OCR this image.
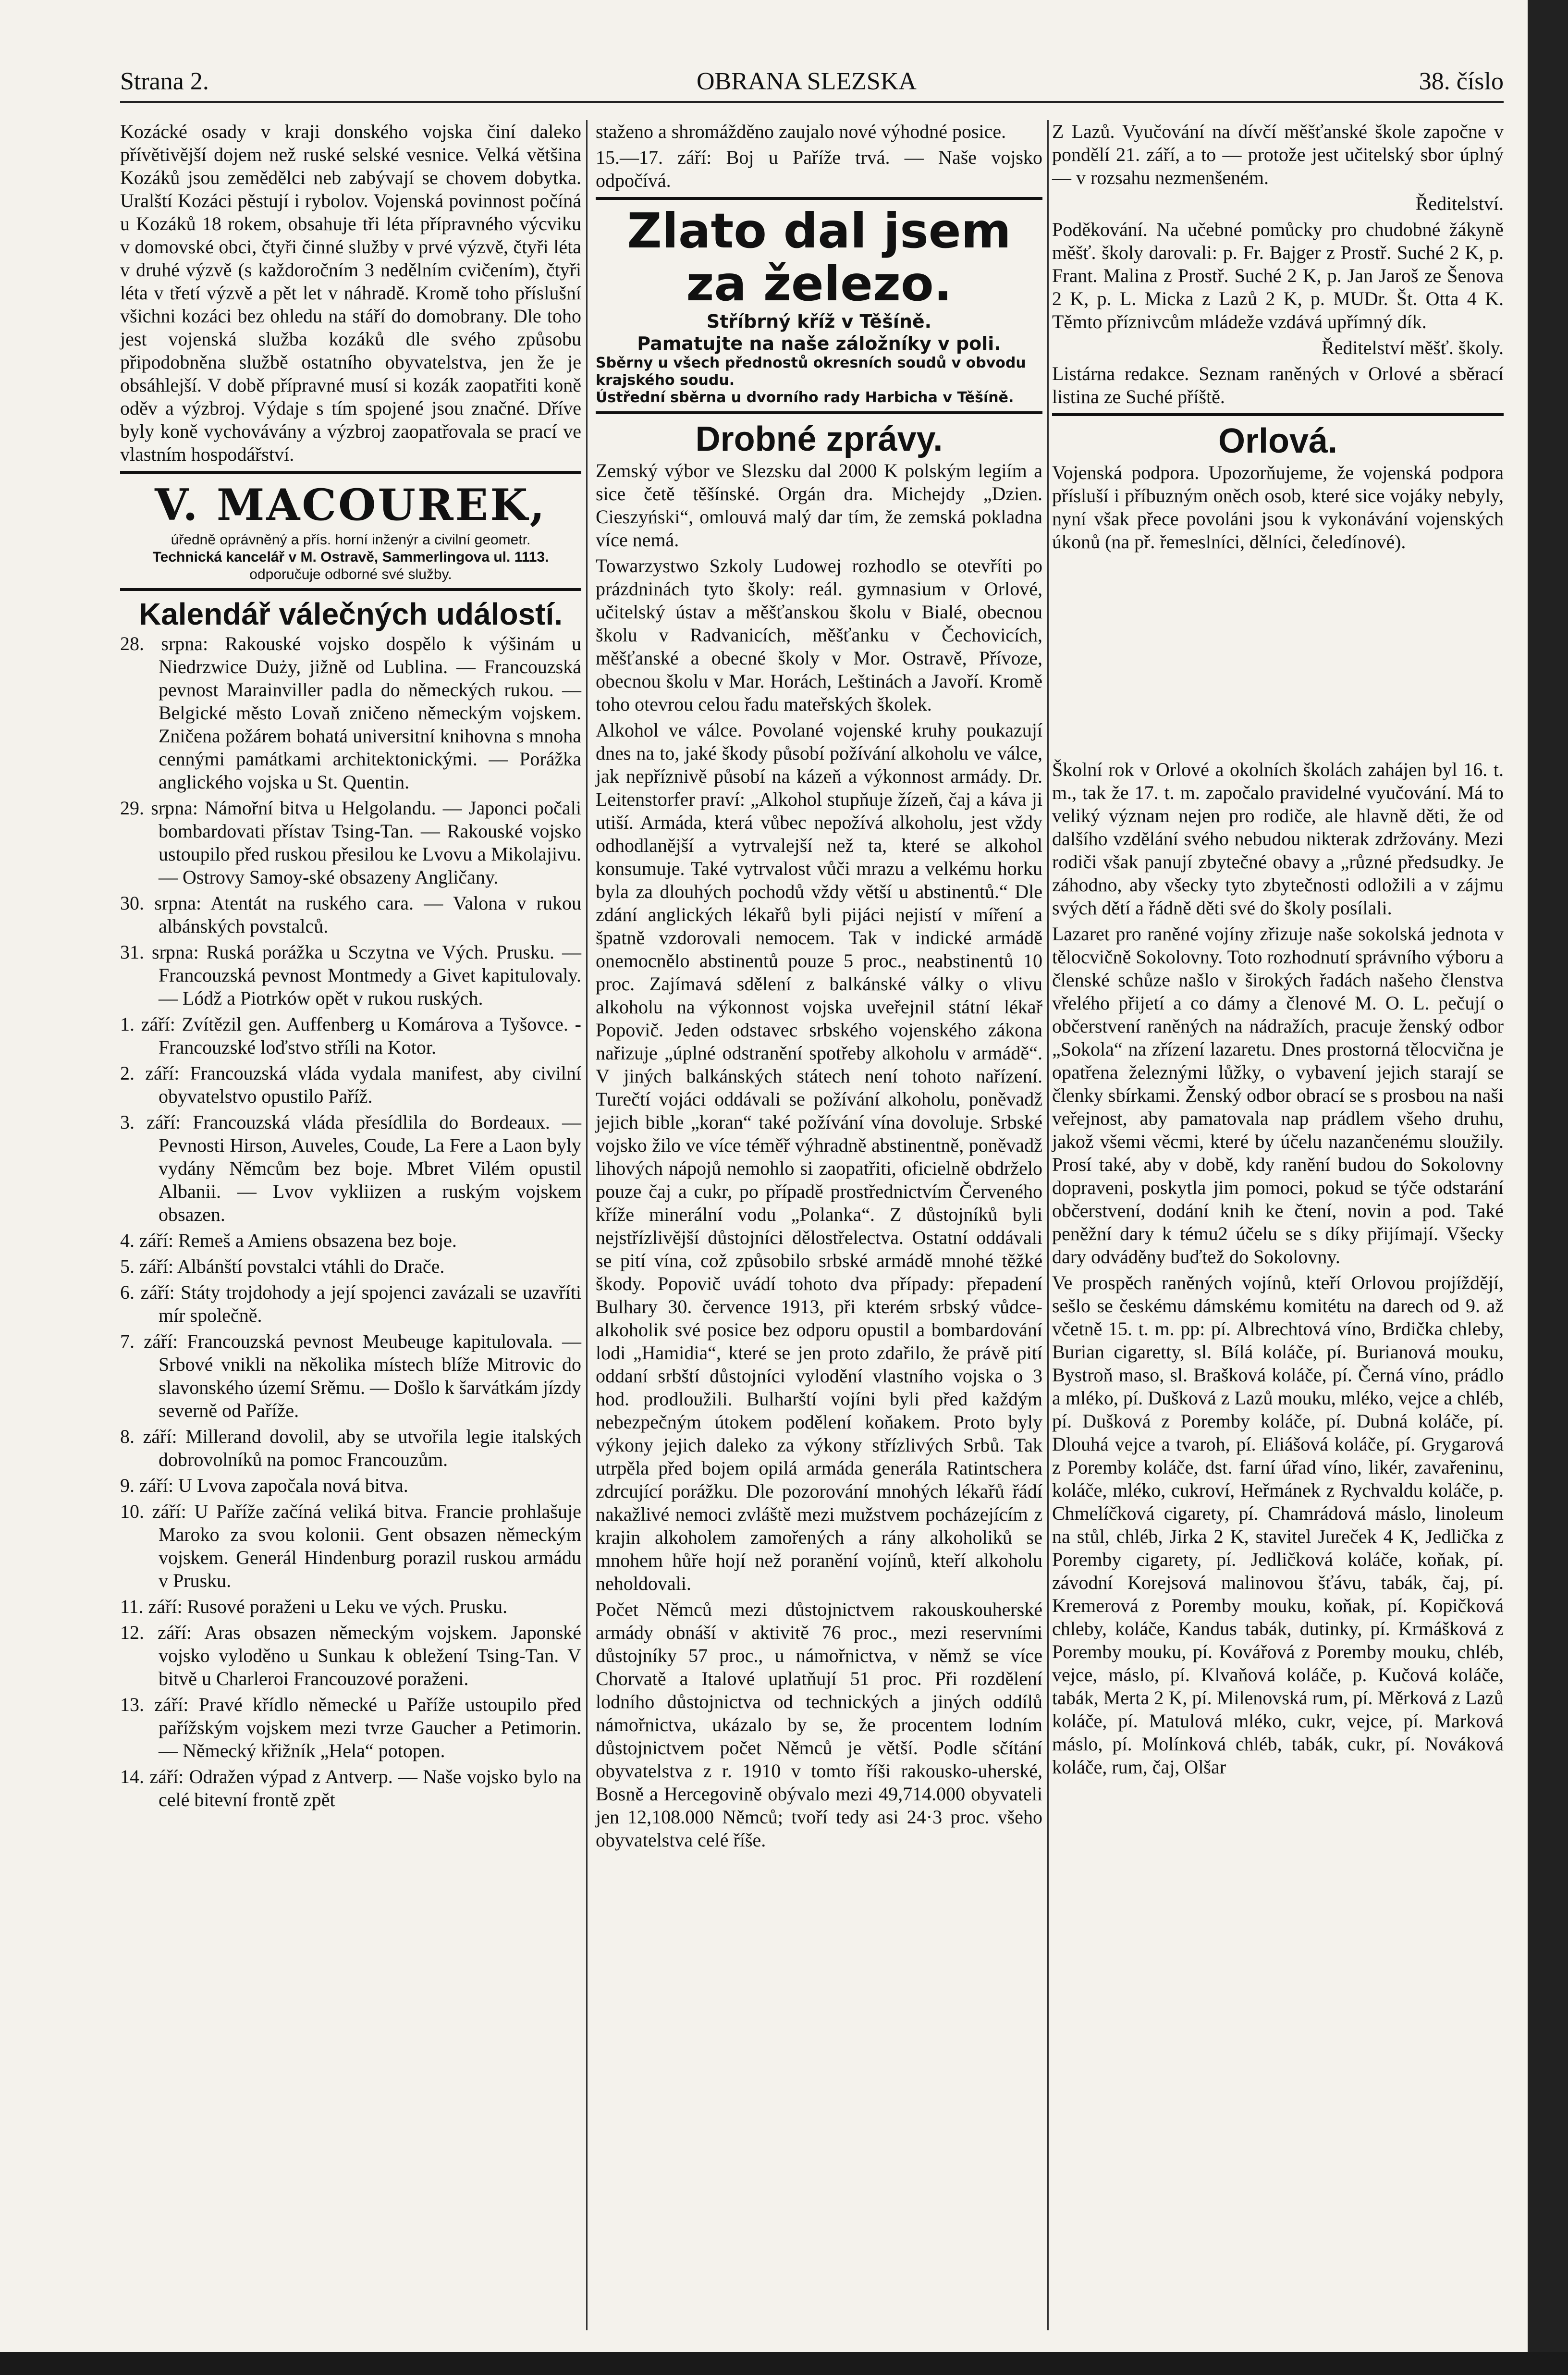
Strana 2.	OBRANA SLEZSKA	38. číslo

Kozácké osady v kraji donského vojska činí daleko přívětivější dojem než ruské selské vesnice. Velká většina Kozáků jsou zemědělci neb zabývají se chovem dobytka. Uralští Kozáci pěstují i rybolov. Vojenská povinnost počíná u Kozáků 18 rokem, obsahuje tři léta přípravného výcviku v domovské obci, čtyři činné služby v prvé výzvě, čtyři léta v druhé výzvě (s každoročním 3 nedělním cvičením), čtyři léta v třetí výzvě a pět let v náhradě. Kromě toho příslušní všichni kozáci bez ohledu na stáří do domobrany. Dle toho jest vojenská služba kozáků dle svého způsobu připodobněna službě ostatního obyvatelstva, jen že je obsáhlejší. V době přípravné musí si kozák zaopatřiti koně oděv a výzbroj. Výdaje s tím spojené jsou značné. Dříve byly koně vychovávány a výzbroj zaopatřovala se prací ve vlastním hospodářství.

V. MACOUREK,
úředně oprávněný a přís. horní inženýr a civilní geometr.
Technická kancelář v M. Ostravě, Sammerlingova ul. 1113.
odporučuje odborné své služby.
Kalendář válečných událostí.

28. srpna: Rakouské vojsko dospělo k výšinám u Niedrzwice Duży, jižně od Lublina. — Francouzská pevnost Marainviller padla do německých rukou. — Belgické město Lovaň zničeno německým vojskem. Zničena požárem bohatá universitní knihovna s mnoha cennými památkami architektonickými. — Porážka anglického vojska u St. Quentin.

29. srpna: Námořní bitva u Helgolandu. — Japonci počali bombardovati přístav Tsing-Tan. — Rakouské vojsko ustoupilo před ruskou přesilou ke Lvovu a Mikolajivu. — Ostrovy Samoy-ské obsazeny Angličany.

30. srpna: Atentát na ruského cara. — Valona v rukou albánských povstalců.

31. srpna: Ruská porážka u Sczytna ve Vých. Prusku. — Francouzská pevnost Montmedy a Givet kapitulovaly. — Lódž a Piotrków opět v rukou ruských.

1. září: Zvítězil gen. Auffenberg u Komárova a Tyšovce. - Francouzské loďstvo stříli na Kotor.

2. září: Francouzská vláda vydala manifest, aby civilní obyvatelstvo opustilo Paříž.

3. září: Francouzská vláda přesídlila do Bordeaux. — Pevnosti Hirson, Auveles, Coude, La Fere a Laon byly vydány Němcům bez boje. Mbret Vilém opustil Albanii. — Lvov vykliizen a ruským vojskem obsazen.

4. září: Remeš a Amiens obsazena bez boje.

5. září: Albánští povstalci vtáhli do Drače.

6. září: Státy trojdohody a její spojenci zavázali se uzavříti mír společně.

7. září: Francouzská pevnost Meubeuge kapitulovala. — Srbové vnikli na několika místech blíže Mitrovic do slavonského území Srěmu. — Došlo k šarvátkám jízdy severně od Paříže.

8. září: Millerand dovolil, aby se utvořila legie italských dobrovolníků na pomoc Francouzům.

9. září: U Lvova započala nová bitva.

10. září: U Paříže začíná veliká bitva. Francie prohlašuje Maroko za svou kolonii. Gent obsazen německým vojskem. Generál Hindenburg porazil ruskou armádu v Prusku.

11. září: Rusové poraženi u Leku ve vých. Prusku.

12. září: Aras obsazen německým vojskem. Japonské vojsko vyloděno u Sunkau k obležení Tsing-Tan. V bitvě u Charleroi Francouzové poraženi.

13. září: Pravé křídlo německé u Paříže ustoupilo před pařížským vojskem mezi tvrze Gaucher a Petimorin. — Německý křižník „Hela“ potopen.

14. září: Odražen výpad z Antverp. — Naše vojsko bylo na celé bitevní frontě zpět

staženo a shromážděno zaujalo nové výhodné posice.

15.—17. září: Boj u Paříže trvá. — Naše vojsko odpočívá.

Zlato dal jsem za železo.
Stříbrný kříž v Těšíně.
Pamatujte na naše záložníky v poli.
Sběrny u všech přednostů okresních soudů v obvodu krajského soudu.
Ústřední sběrna u dvorního rady Harbicha v Těšíně.
Drobné zprávy.

Zemský výbor ve Slezsku dal 2000 K polským legiím a sice četě těšínské. Orgán dra. Michejdy „Dzien. Cieszyński“, omlouvá malý dar tím, že zemská pokladna více nemá.

Towarzystwo Szkoly Ludowej rozhodlo se otevříti po prázdninách tyto školy: reál. gymnasium v Orlové, učitelský ústav a měšťanskou školu v Bialé, obecnou školu v Radvanicích, měšťanku v Čechovicích, měšťanské a obecné školy v Mor. Ostravě, Přívoze, obecnou školu v Mar. Horách, Leštinách a Javoří. Kromě toho otevrou celou řadu mateřských školek.

Alkohol ve válce. Povolané vojenské kruhy poukazují dnes na to, jaké škody působí požívání alkoholu ve válce, jak nepříznivě působí na kázeň a výkonnost armády. Dr. Leitenstorfer praví: „Alkohol stupňuje žízeň, čaj a káva ji utiší. Armáda, která vůbec nepožívá alkoholu, jest vždy odhodlanější a vytrvalejší než ta, které se alkohol konsumuje. Také vytrvalost vůči mrazu a velkému horku byla za dlouhých pochodů vždy větší u abstinentů.“ Dle zdání anglických lékařů byli pijáci nejistí v míření a špatně vzdorovali nemocem. Tak v indické armádě onemocnělo abstinentů pouze 5 proc., neabstinentů 10 proc. Zajímavá sdělení z balkánské války o vlivu alkoholu na výkonnost vojska uveřejnil státní lékař Popovič. Jeden odstavec srbského vojenského zákona nařizuje „úplné odstranění spotřeby alkoholu v armádě“. V jiných balkánských státech není tohoto nařízení. Turečtí vojáci oddávali se požívání alkoholu, poněvadž jejich bible „koran“ také požívání vína dovoluje. Srbské vojsko žilo ve více téměř výhradně abstinentně, poněvadž lihových nápojů nemohlo si zaopatřiti, oficielně obdrželo pouze čaj a cukr, po případě prostřednictvím Červeného kříže minerální vodu „Polanka“. Z důstojníků byli nejstřízlivější důstojníci dělostřelectva. Ostatní oddávali se pití vína, což způsobilo srbské armádě mnohé těžké škody. Popovič uvádí tohoto dva případy: přepadení Bulhary 30. července 1913, při kterém srbský vůdce-alkoholik své posice bez odporu opustil a bombardování lodi „Hamidia“, které se jen proto zdařilo, že právě pití oddaní srbští důstojníci vylodění vlastního vojska o 3 hod. prodloužili. Bulharští vojíni byli před každým nebezpečným útokem podělení koňakem. Proto byly výkony jejich daleko za výkony střízlivých Srbů. Tak utrpěla před bojem opilá armáda generála Ratintschera zdrcující porážku. Dle pozorování mnohých lékařů řádí nakažlivé nemoci zvláště mezi mužstvem pocházejícím z krajin alkoholem zamořených a rány alkoholiků se mnohem hůře hojí než poranění vojínů, kteří alkoholu neholdovali.

Počet Němců mezi důstojnictvem rakouskouherské armády obnáší v aktivitě 76 proc., mezi reservními důstojníky 57 proc., u námořnictva, v němž se více Chorvatě a Italové uplatňují 51 proc. Při rozdělení lodního důstojnictva od technických a jiných oddílů námořnictva, ukázalo by se, že procentem lodním důstojnictvem počet Němců je větší. Podle sčítání obyvatelstva z r. 1910 v tomto říši rakousko-uherské, Bosně a Hercegovině obývalo mezi 49,714.000 obyvateli jen 12,108.000 Němců; tvoří tedy asi 24·3 proc. všeho obyvatelstva celé říše.

Z Lazů. Vyučování na dívčí měšťanské škole započne v pondělí 21. září, a to — protože jest učitelský sbor úplný — v rozsahu nezmenšeném.

Ředitelství.

Poděkování. Na učebné pomůcky pro chudobné žákyně měšť. školy darovali: p. Fr. Bajger z Prostř. Suché 2 K, p. Frant. Malina z Prostř. Suché 2 K, p. Jan Jaroš ze Šenova 2 K, p. L. Micka z Lazů 2 K, p. MUDr. Št. Otta 4 K. Těmto příznivcům mládeže vzdává upřímný dík.

Ředitelství měšť. školy.

Listárna redakce. Seznam raněných v Orlové a sběrací listina ze Suché příště.

Orlová.

Vojenská podpora. Upozorňujeme, že vojenská podpora přísluší i příbuzným oněch osob, které sice vojáky nebyly, nyní však přece povoláni jsou k vykonávání vojenských úkonů (na př. řemeslníci, dělníci, čeledínové).

Školní rok v Orlové a okolních školách zahájen byl 16. t. m., tak že 17. t. m. započalo pravidelné vyučování. Má to veliký význam nejen pro rodiče, ale hlavně děti, že od dalšího vzdělání svého nebudou nikterak zdržovány. Mezi rodiči však panují zbytečné obavy a „různé předsudky. Je záhodno, aby všecky tyto zbytečnosti odložili a v zájmu svých dětí a řádně děti své do školy posílali.

Lazaret pro raněné vojíny zřizuje naše sokolská jednota v tělocvičně Sokolovny. Toto rozhodnutí správního výboru a členské schůze našlo v širokých řadách našeho členstva vřelého přijetí a co dámy a členové M. O. L. pečují o občerstvení raněných na nádražích, pracuje ženský odbor „Sokola“ na zřízení lazaretu. Dnes prostorná tělocvična je opatřena železnými lůžky, o vybavení jejich starají se členky sbírkami. Ženský odbor obrací se s prosbou na naši veřejnost, aby pamatovala nap prádlem všeho druhu, jakož všemi věcmi, které by účelu nazančenému sloužily. Prosí také, aby v době, kdy ranění budou do Sokolovny dopraveni, poskytla jim pomoci, pokud se týče odstarání občerstvení, dodání knih ke čtení, novin a pod. Také peněžní dary k tému2 účelu se s díky přijímají. Všecky dary odváděny buďtež do Sokolovny.

Ve prospěch raněných vojínů, kteří Orlovou projíždějí, sešlo se českému dámskému komitétu na darech od 9. až včetně 15. t. m. pp: pí. Albrechtová víno, Brdička chleby, Burian cigaretty, sl. Bílá koláče, pí. Burianová mouku, Bystroň maso, sl. Brašková koláče, pí. Černá víno, prádlo a mléko, pí. Dušková z Lazů mouku, mléko, vejce a chléb, pí. Dušková z Poremby koláče, pí. Dubná koláče, pí. Dlouhá vejce a tvaroh, pí. Eliášová koláče, pí. Grygarová z Poremby koláče, dst. farní úřad víno, likér, zavařeninu, koláče, mléko, cukroví, Heřmánek z Rychvaldu koláče, p. Chmelíčková cigarety, pí. Chamrádová máslo, linoleum na stůl, chléb, Jirka 2 K, stavitel Jureček 4 K, Jedlička z Poremby cigarety, pí. Jedličková koláče, koňak, pí. závodní Korejsová malinovou šťávu, tabák, čaj, pí. Kremerová z Poremby mouku, koňak, pí. Kopičková chleby, koláče, Kandus tabák, dutinky, pí. Krmášková z Poremby mouku, pí. Kovářová z Poremby mouku, chléb, vejce, máslo, pí. Klvaňová koláče, p. Kučová koláče, tabák, Merta 2 K, pí. Milenovská rum, pí. Měrková z Lazů koláče, pí. Matulová mléko, cukr, vejce, pí. Marková máslo, pí. Molínková chléb, tabák, cukr, pí. Nováková koláče, rum, čaj, Olšar
